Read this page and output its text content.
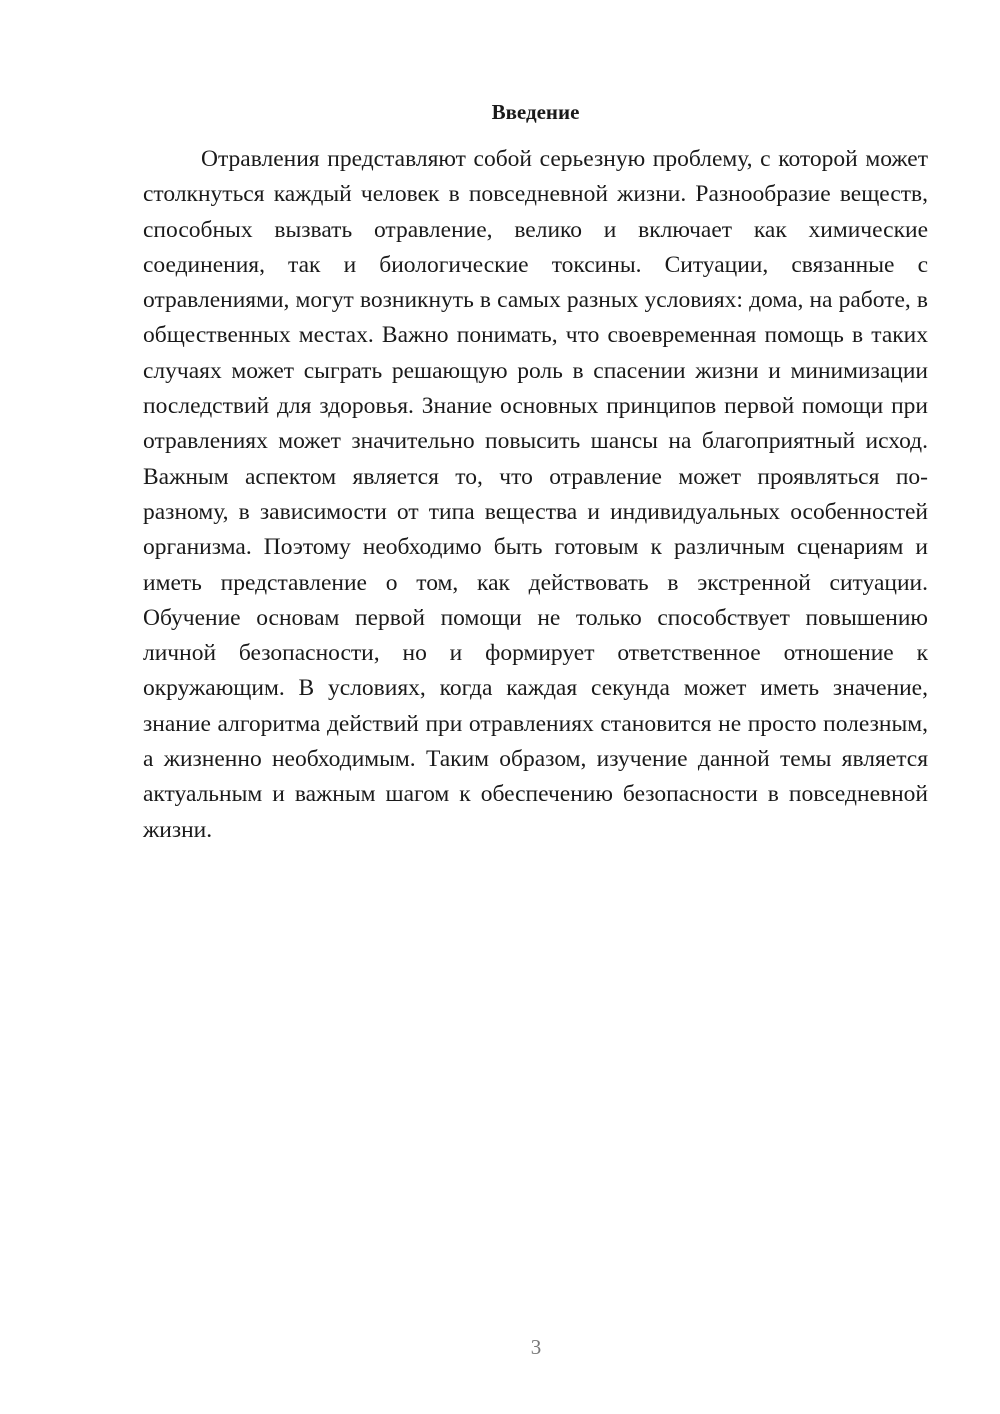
Введение

Отравления представляют собой серьезную проблему, с которой может столкнуться каждый человек в повседневной жизни. Разнообразие веществ, способных вызвать отравление, велико и включает как химические соединения, так и биологические токсины. Ситуации, связанные с отравлениями, могут возникнуть в самых разных условиях: дома, на работе, в общественных местах. Важно понимать, что своевременная помощь в таких случаях может сыграть решающую роль в спасении жизни и минимизации последствий для здоровья. Знание основных принципов первой помощи при отравлениях может значительно повысить шансы на благоприятный исход. Важным аспектом является то, что отравление может проявляться по-разному, в зависимости от типа вещества и индивидуальных особенностей организма. Поэтому необходимо быть готовым к различным сценариям и иметь представление о том, как действовать в экстренной ситуации. Обучение основам первой помощи не только способствует повышению личной безопасности, но и формирует ответственное отношение к окружающим. В условиях, когда каждая секунда может иметь значение, знание алгоритма действий при отравлениях становится не просто полезным, а жизненно необходимым. Таким образом, изучение данной темы является актуальным и важным шагом к обеспечению безопасности в повседневной жизни.

3
